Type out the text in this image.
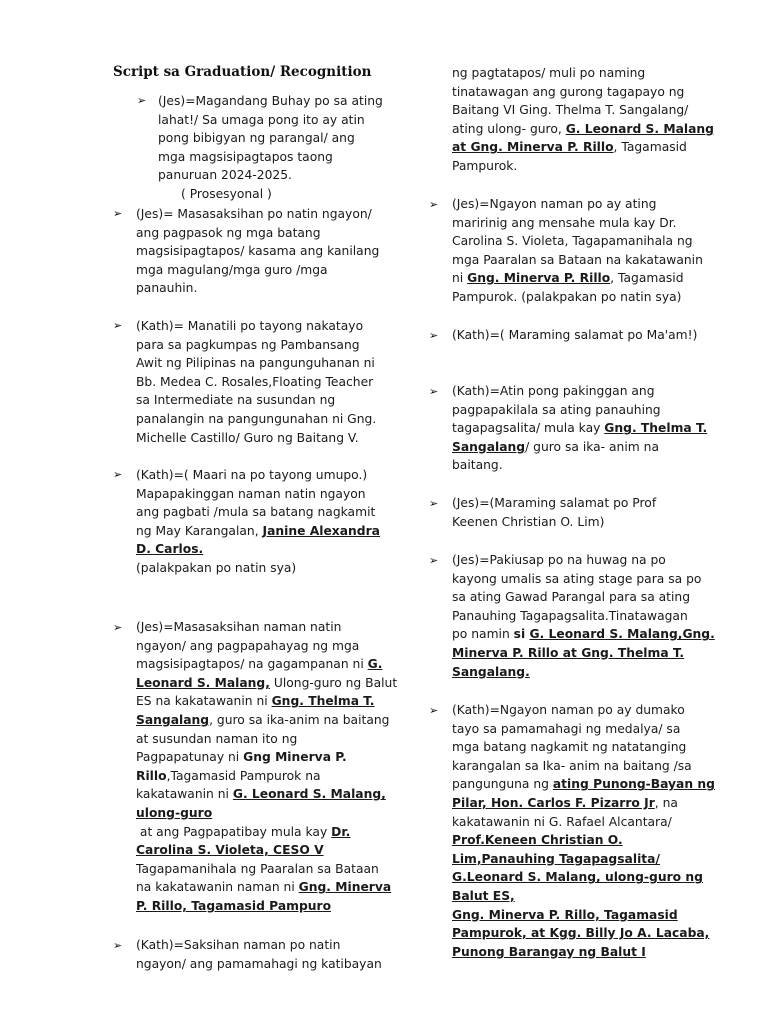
Script sa Graduation/ Recognition
➢ (Jes)=Magandang Buhay po sa ating
lahat!/ Sa umaga pong ito ay atin
pong bibigyan ng parangal/ ang
mga magsisipagtapos taong
panuruan 2024-2025.
( Prosesyonal )
➢ (Jes)= Masasaksihan po natin ngayon/
ang pagpasok ng mga batang
magsisipagtapos/ kasama ang kanilang
mga magulang/mga guro /mga
panauhin.
➢ (Kath)= Manatili po tayong nakatayo
para sa pagkumpas ng Pambansang
Awit ng Pilipinas na pangunguhanan ni
Bb. Medea C. Rosales,Floating Teacher
sa Intermediate na susundan ng
panalangin na pangungunahan ni Gng.
Michelle Castillo/ Guro ng Baitang V.
➢ (Kath)=( Maari na po tayong umupo.)
Mapapakinggan naman natin ngayon
ang pagbati /mula sa batang nagkamit
ng May Karangalan, Janine Alexandra
D. Carlos.
(palakpakan po natin sya)
➢ (Jes)=Masasaksihan naman natin
ngayon/ ang pagpapahayag ng mga
magsisipagtapos/ na gagampanan ni G.
Leonard S. Malang, Ulong-guro ng Balut
ES na kakatawanin ni Gng. Thelma T.
Sangalang, guro sa ika-anim na baitang
at susundan naman ito ng
Pagpapatunay ni Gng Minerva P.
Rillo,Tagamasid Pampurok na
kakatawanin ni G. Leonard S. Malang,
ulong-guro
at ang Pagpapatibay mula kay Dr.
Carolina S. Violeta, CESO V
Tagapamanihala ng Paaralan sa Bataan
na kakatawanin naman ni Gng. Minerva
P. Rillo, Tagamasid Pampuro
➢ (Kath)=Saksihan naman po natin
ngayon/ ang pamamahagi ng katibayan
ng pagtatapos/ muli po naming
tinatawagan ang gurong tagapayo ng
Baitang VI Ging. Thelma T. Sangalang/
ating ulong- guro, G. Leonard S. Malang
at Gng. Minerva P. Rillo, Tagamasid
Pampurok.
➢ (Jes)=Ngayon naman po ay ating
maririnig ang mensahe mula kay Dr.
Carolina S. Violeta, Tagapamanihala ng
mga Paaralan sa Bataan na kakatawanin
ni Gng. Minerva P. Rillo, Tagamasid
Pampurok. (palakpakan po natin sya)
➢ (Kath)=( Maraming salamat po Ma'am!)
➢ (Kath)=Atin pong pakinggan ang
pagpapakilala sa ating panauhing
tagapagsalita/ mula kay Gng. Thelma T.
Sangalang/ guro sa ika- anim na
baitang.
➢ (Jes)=(Maraming salamat po Prof
Keenen Christian O. Lim)
➢ (Jes)=Pakiusap po na huwag na po
kayong umalis sa ating stage para sa po
sa ating Gawad Parangal para sa ating
Panauhing Tagapagsalita.Tinatawagan
po namin si G. Leonard S. Malang,Gng.
Minerva P. Rillo at Gng. Thelma T.
Sangalang.
➢ (Kath)=Ngayon naman po ay dumako
tayo sa pamamahagi ng medalya/ sa
mga batang nagkamit ng natatanging
karangalan sa Ika- anim na baitang /sa
pangunguna ng ating Punong-Bayan ng
Pilar, Hon. Carlos F. Pizarro Jr, na
kakatawanin ni G. Rafael Alcantara/
Prof.Keneen Christian O.
Lim,Panauhing Tagapagsalita/
G.Leonard S. Malang, ulong-guro ng
Balut ES,
Gng. Minerva P. Rillo, Tagamasid
Pampurok, at Kgg. Billy Jo A. Lacaba,
Punong Barangay ng Balut I
